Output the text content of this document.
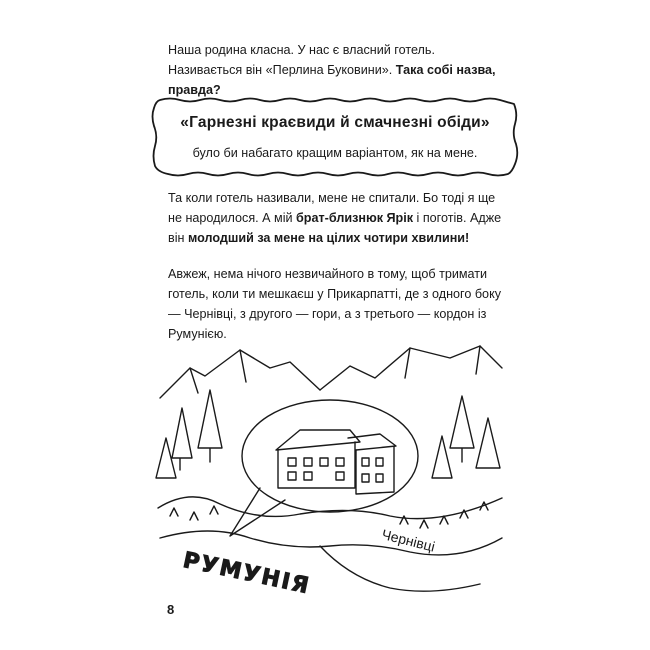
Наша родина класна. У нас є власний готель. Називається він «Перлина Буковини». Така собі назва, правда?

«Гарнезні краєвиди й смачнезні обіди»
було би набагато кращим варіантом, як на мене.

Та коли готель називали, мене не спитали. Бо тоді я ще не народилося. А мій брат-близнюк Ярік і поготів. Адже він молодший за мене на цілих чотири хвилини!

Авжеж, нема нічого незвичайного в тому, щоб тримати готель, коли ти мешкаєш у Прикарпатті, де з одного боку — Чернівці, з другого — гори, а з третього — кордон із Румунією.

РУМУНІЯ
Чернівці
8
